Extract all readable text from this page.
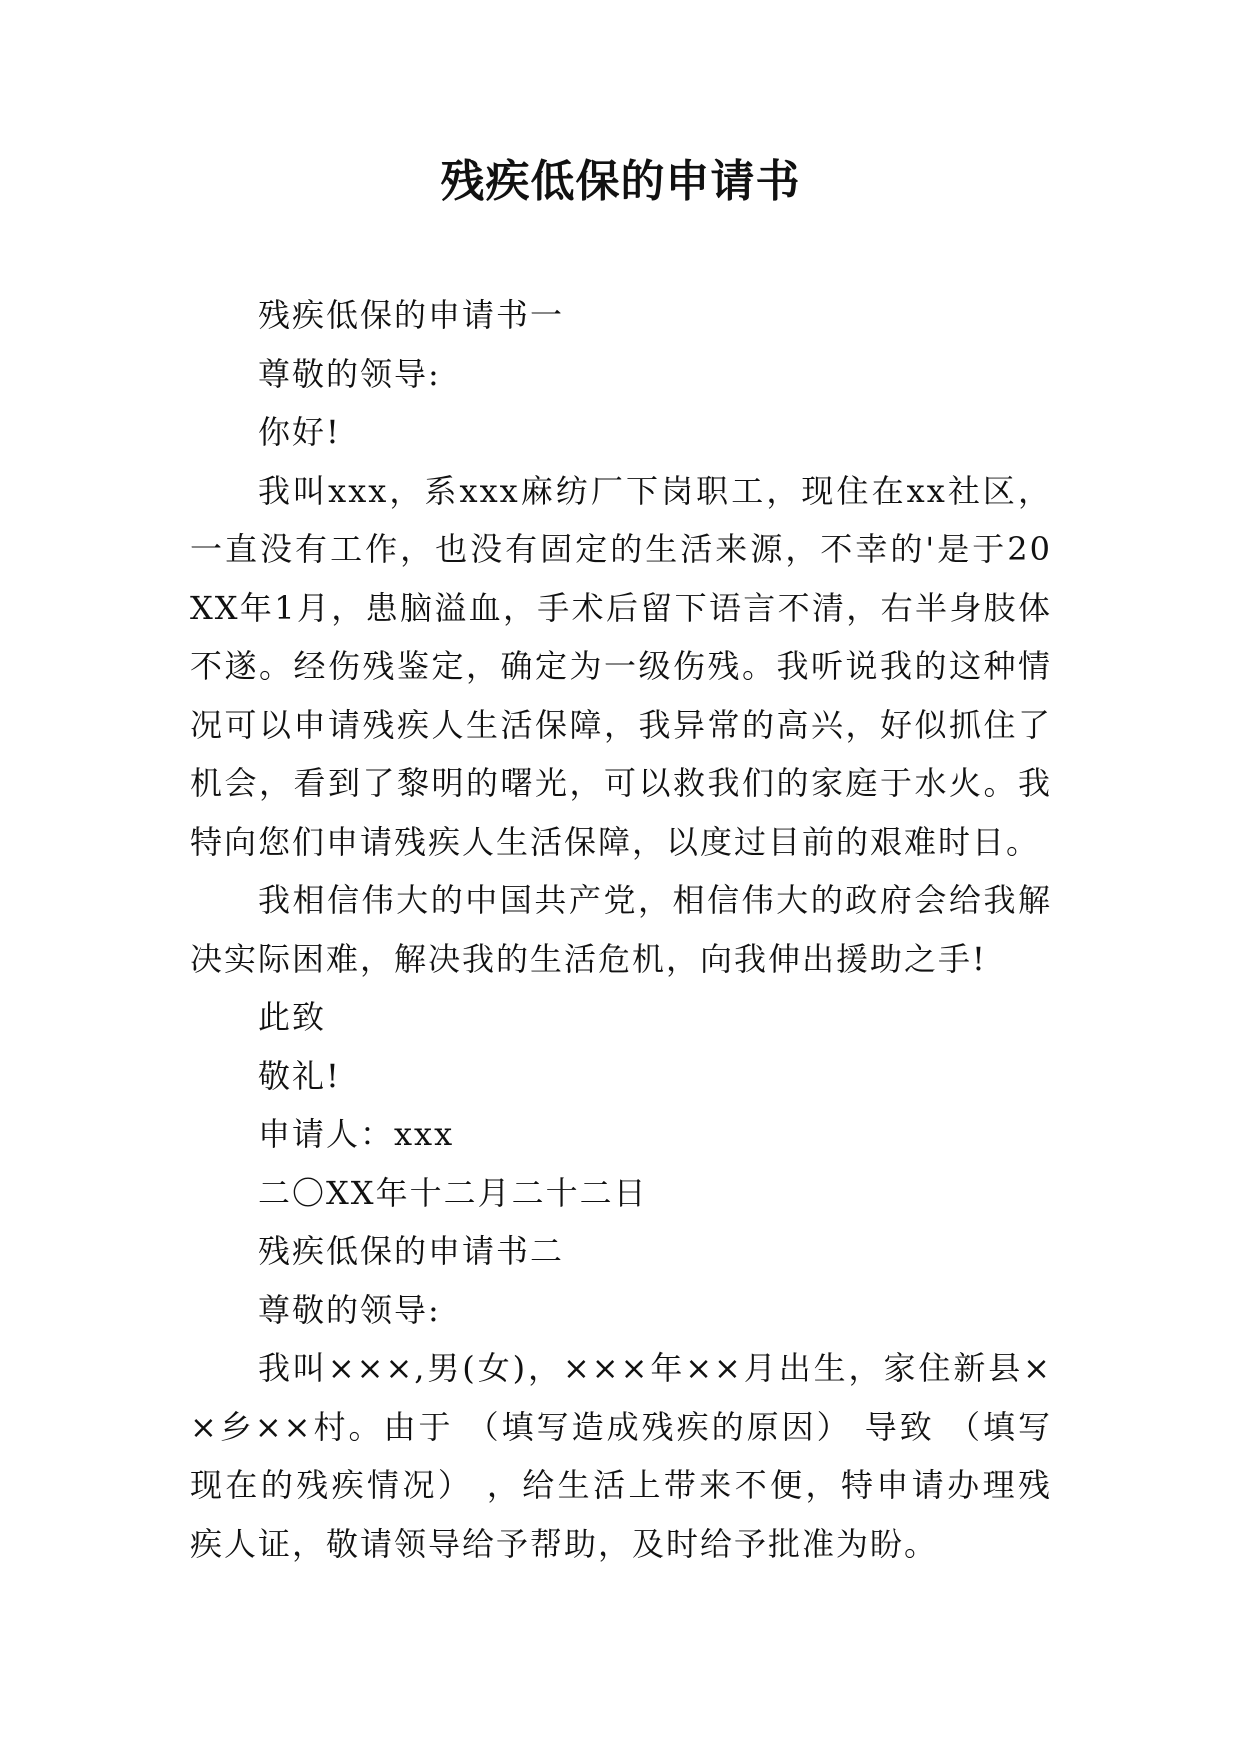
残疾低保的申请书

残疾低保的申请书一

尊敬的领导:

你好!

我叫xxx，系xxx麻纺厂下岗职工，现住在xx社区，一直没有工作，也没有固定的生活来源，不幸的'是于20XX年1月，患脑溢血，手术后留下语言不清，右半身肢体不遂。经伤残鉴定，确定为一级伤残。我听说我的这种情况可以申请残疾人生活保障，我异常的高兴，好似抓住了机会，看到了黎明的曙光，可以救我们的家庭于水火。我特向您们申请残疾人生活保障，以度过目前的艰难时日。

我相信伟大的中国共产党，相信伟大的政府会给我解决实际困难，解决我的生活危机，向我伸出援助之手!

此致

敬礼!

申请人：xxx

二〇XX年十二月二十二日

残疾低保的申请书二

尊敬的领导:

我叫×××,男(女)，×××年××月出生，家住新县××乡××村。由于 （填写造成残疾的原因） 导致 （填写现在的残疾情况） ，给生活上带来不便，特申请办理残疾人证，敬请领导给予帮助，及时给予批准为盼。
